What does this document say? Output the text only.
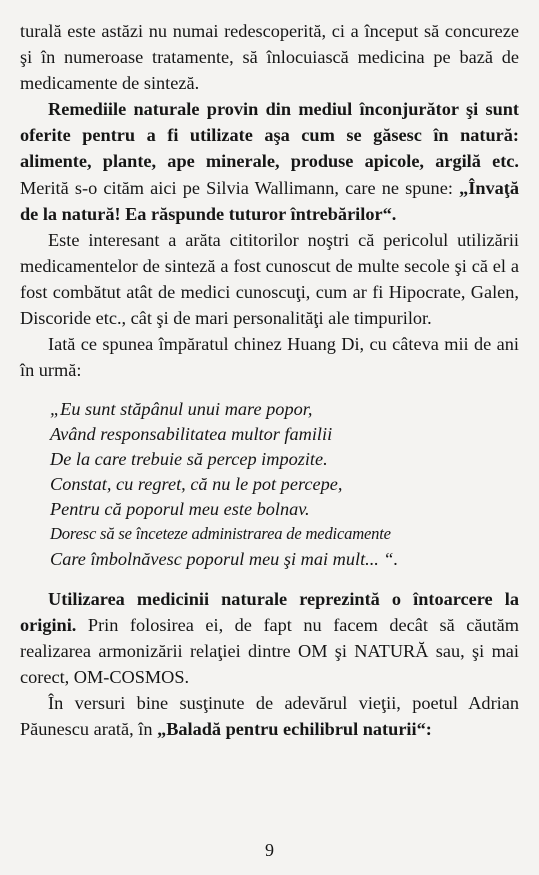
turală este astăzi nu numai redescoperită, ci a început să concureze şi în numeroase tratamente, să înlocuiască medicina pe bază de medicamente de sinteză.

Remediile naturale provin din mediul înconjurător şi sunt oferite pentru a fi utilizate aşa cum se găsesc în natură: alimente, plante, ape minerale, produse apicole, argilă etc. Merită s-o cităm aici pe Silvia Wallimann, care ne spune: „Învaţă de la natură! Ea răspunde tuturor întrebărilor“.

Este interesant a arăta cititorilor noştri că pericolul utilizării medicamentelor de sinteză a fost cunoscut de multe secole şi că el a fost combătut atât de medici cunoscuţi, cum ar fi Hipocrate, Galen, Discoride etc., cât şi de mari personalităţi ale timpurilor.

Iată ce spunea împăratul chinez Huang Di, cu câteva mii de ani în urmă:

„Eu sunt stăpânul unui mare popor,
Având responsabilitatea multor familii
De la care trebuie să percep impozite.
Constat, cu regret, că nu le pot percepe,
Pentru că poporul meu este bolnav.
Doresc să se înceteze administrarea de medicamente
Care îmbolnăvesc poporul meu şi mai mult... “.

Utilizarea medicinii naturale reprezintă o întoarcere la origini. Prin folosirea ei, de fapt nu facem decât să căutăm realizarea armonizării relaţiei dintre OM şi NATURĂ sau, şi mai corect, OM-COSMOS.

În versuri bine susţinute de adevărul vieţii, poetul Adrian Păunescu arată, în „Baladă pentru echilibrul naturii“:

9
